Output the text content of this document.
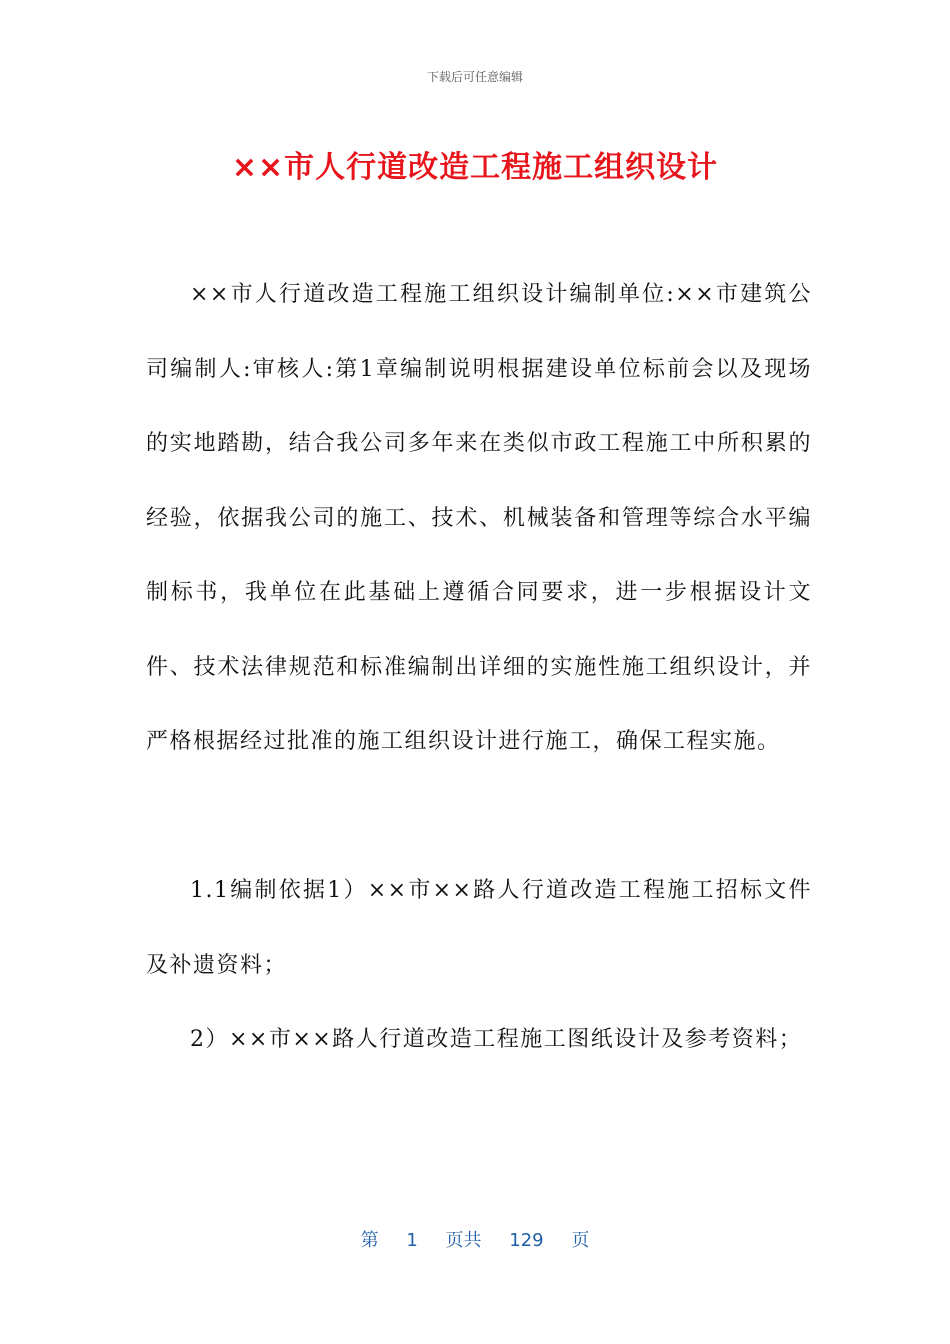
下载后可任意编辑
××市人行道改造工程施工组织设计

××市人行道改造工程施工组织设计编制单位:××市建筑公司编制人:审核人:第1章编制说明根据建设单位标前会以及现场的实地踏勘，结合我公司多年来在类似市政工程施工中所积累的经验，依据我公司的施工、技术、机械装备和管理等综合水平编制标书，我单位在此基础上遵循合同要求，进一步根据设计文件、技术法律规范和标准编制出详细的实施性施工组织设计，并严格根据经过批准的施工组织设计进行施工，确保工程实施。

1.1编制依据1）××市××路人行道改造工程施工招标文件及补遗资料；

2）××市××路人行道改造工程施工图纸设计及参考资料；

第 1 页共 129 页
